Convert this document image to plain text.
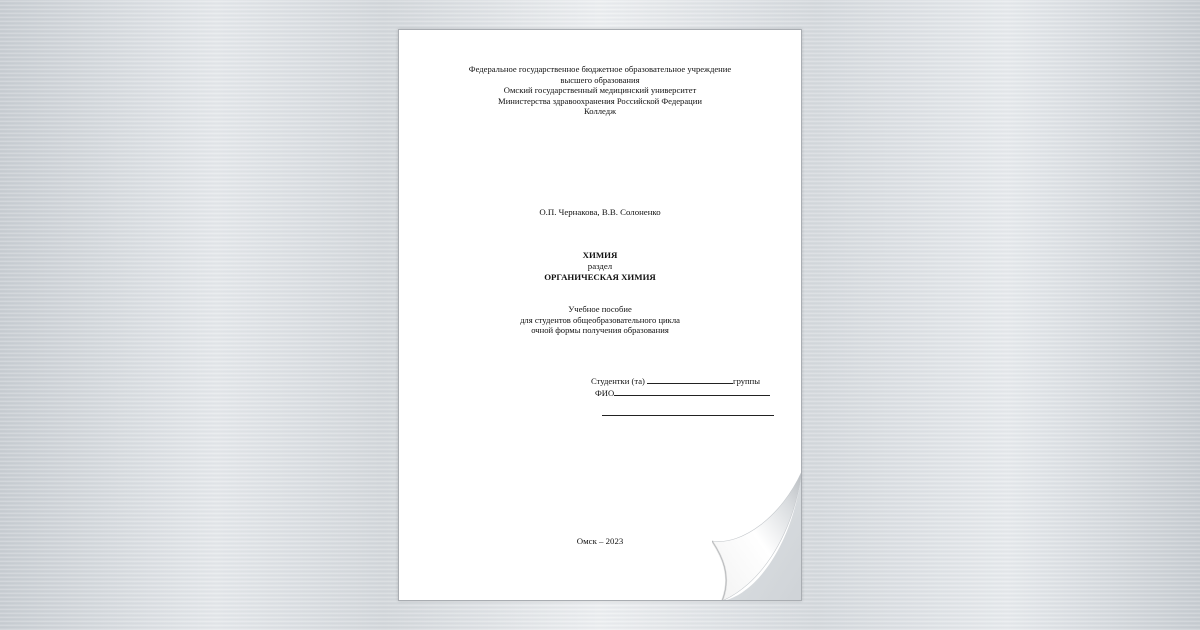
Федеральное государственное бюджетное образовательное учреждение
высшего образования
Омский государственный медицинский университет
Министерства здравоохранения Российской Федерации
Колледж
О.П. Чернакова, В.В. Солоненко
ХИМИЯ
раздел
ОРГАНИЧЕСКАЯ ХИМИЯ
Учебное пособие
для студентов общеобразовательного цикла
очной формы получения образования
Студентки (та)	группы
ФИО
Омск – 2023
